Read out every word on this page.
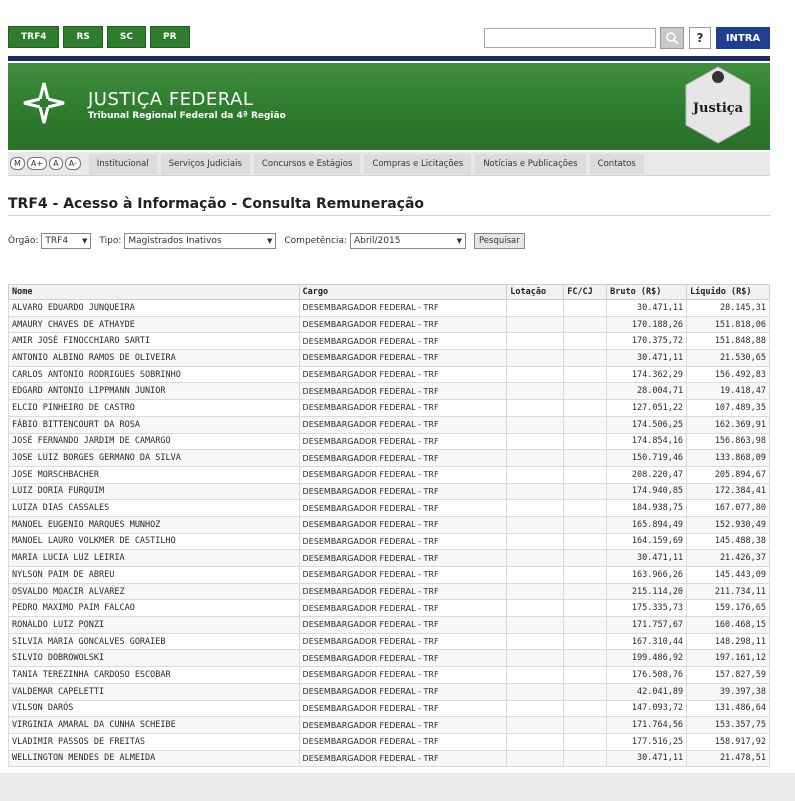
TRF4	RS	SC	PR	?	INTRA
JUSTIÇA FEDERAL
Tribunal Regional Federal da 4ª Região	Justiça
M	A+	A	A-	Institucional	Serviços Judiciais	Concursos e Estágios	Compras e Licitações	Notícias e Publicações	Contatos
TRF4 - Acesso à Informação - Consulta Remuneração
Órgão: TRF4 ▼ Tipo: Magistrados Inativos	▼ Competência: Abril/2015	▼	Pesquisar
Nome	Cargo	Lotação	FC/CJ	Bruto (R$)	Líquido (R$)
ALVARO EDUARDO JUNQUEIRA	DESEMBARGADOR FEDERAL - TRF			30.471,11	28.145,31
AMAURY CHAVES DE ATHAYDE	DESEMBARGADOR FEDERAL - TRF			170.188,26	151.818,06
AMIR JOSÉ FINOCCHIARO SARTI	DESEMBARGADOR FEDERAL - TRF			170.375,72	151.848,88
ANTONIO ALBINO RAMOS DE OLIVEIRA	DESEMBARGADOR FEDERAL - TRF			30.471,11	21.530,65
CARLOS ANTONIO RODRIGUES SOBRINHO	DESEMBARGADOR FEDERAL - TRF			174.362,29	156.492,83
EDGARD ANTONIO LIPPMANN JUNIOR	DESEMBARGADOR FEDERAL - TRF			28.004,71	19.418,47
ELCIO PINHEIRO DE CASTRO	DESEMBARGADOR FEDERAL - TRF			127.051,22	107.489,35
FÁBIO BITTENCOURT DA ROSA	DESEMBARGADOR FEDERAL - TRF			174.506,25	162.369,91
JOSÉ FERNANDO JARDIM DE CAMARGO	DESEMBARGADOR FEDERAL - TRF			174.854,16	156.863,98
JOSE LUIZ BORGES GERMANO DA SILVA	DESEMBARGADOR FEDERAL - TRF			150.719,46	133.868,09
JOSE MORSCHBACHER	DESEMBARGADOR FEDERAL - TRF			208.220,47	205.894,67
LUIZ DORIA FURQUIM	DESEMBARGADOR FEDERAL - TRF			174.940,85	172.384,41
LUIZA DIAS CASSALES	DESEMBARGADOR FEDERAL - TRF			184.938,75	167.077,80
MANOEL EUGENIO MARQUES MUNHOZ	DESEMBARGADOR FEDERAL - TRF			165.894,49	152.930,49
MANOEL LAURO VOLKMER DE CASTILHO	DESEMBARGADOR FEDERAL - TRF			164.159,69	145.488,38
MARIA LUCIA LUZ LEIRIA	DESEMBARGADOR FEDERAL - TRF			30.471,11	21.426,37
NYLSON PAIM DE ABREU	DESEMBARGADOR FEDERAL - TRF			163.966,26	145.443,09
OSVALDO MOACIR ALVAREZ	DESEMBARGADOR FEDERAL - TRF			215.114,20	211.734,11
PEDRO MAXIMO PAIM FALCAO	DESEMBARGADOR FEDERAL - TRF			175.335,73	159.176,65
RONALDO LUIZ PONZI	DESEMBARGADOR FEDERAL - TRF			171.757,67	160.468,15
SILVIA MARIA GONCALVES GORAIEB	DESEMBARGADOR FEDERAL - TRF			167.310,44	148.298,11
SILVIO DOBROWOLSKI	DESEMBARGADOR FEDERAL - TRF			199.486,92	197.161,12
TANIA TEREZINHA CARDOSO ESCOBAR	DESEMBARGADOR FEDERAL - TRF			176.508,76	157.827,59
VALDEMAR CAPELETTI	DESEMBARGADOR FEDERAL - TRF			42.041,89	39.397,38
VILSON DARÓS	DESEMBARGADOR FEDERAL - TRF			147.093,72	131.486,64
VIRGINIA AMARAL DA CUNHA SCHEIBE	DESEMBARGADOR FEDERAL - TRF			171.764,56	153.357,75
VLADIMIR PASSOS DE FREITAS	DESEMBARGADOR FEDERAL - TRF			177.516,25	158.917,92
WELLINGTON MENDES DE ALMEIDA	DESEMBARGADOR FEDERAL - TRF			30.471,11	21.478,51
